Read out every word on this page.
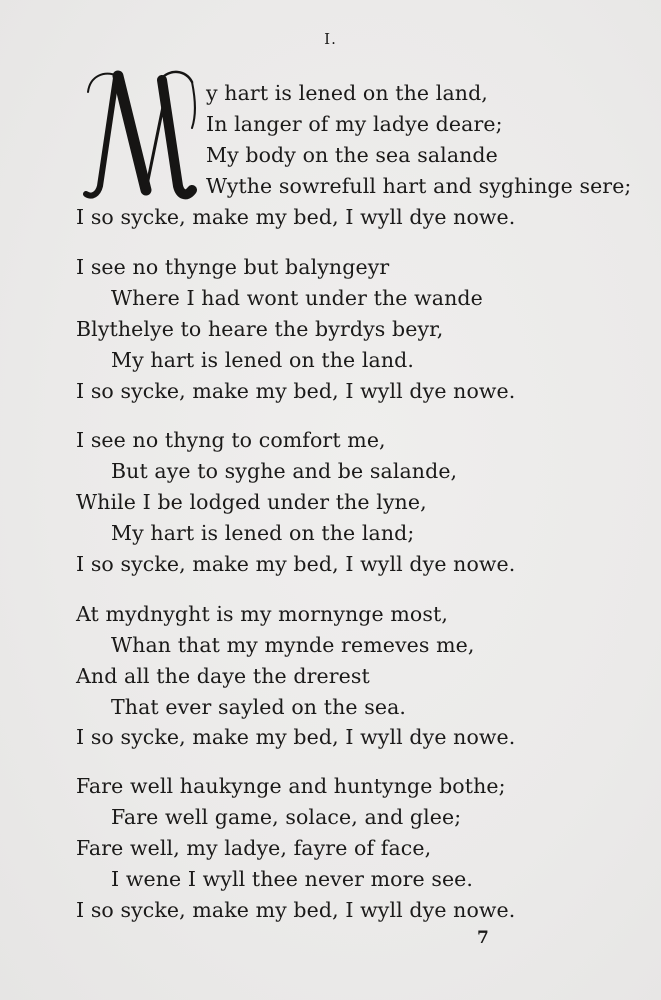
I.
y hart is lened on the land,
In langer of my ladye deare;
My body on the sea salande
Wythe sowrefull hart and syghinge sere;
I so sycke, make my bed, I wyll dye nowe.
I see no thynge but balyngeyr
Where I had wont under the wande
Blythelye to heare the byrdys beyr,
My hart is lened on the land.
I so sycke, make my bed, I wyll dye nowe.
I see no thyng to comfort me,
But aye to syghe and be salande,
While I be lodged under the lyne,
My hart is lened on the land;
I so sycke, make my bed, I wyll dye nowe.
At mydnyght is my mornynge most,
Whan that my mynde remeves me,
And all the daye the drerest
That ever sayled on the sea.
I so sycke, make my bed, I wyll dye nowe.
Fare well haukynge and huntynge bothe;
Fare well game, solace, and glee;
Fare well, my ladye, fayre of face,
I wene I wyll thee never more see.
I so sycke, make my bed, I wyll dye nowe.
7
